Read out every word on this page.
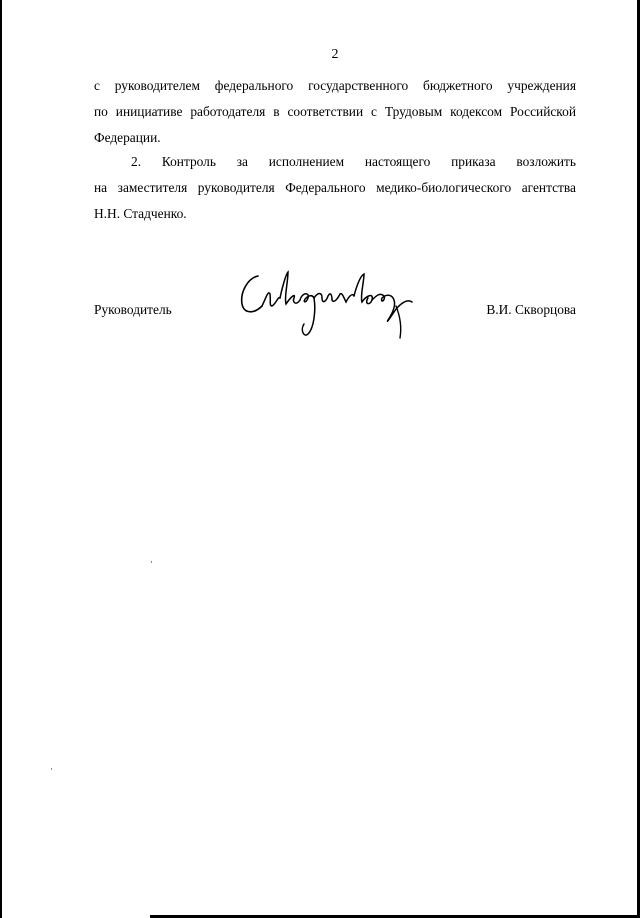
2
с руководителем федерального государственного бюджетного учреждения
по инициативе работодателя в соответствии с Трудовым кодексом Российской
Федерации.
2. Контроль за исполнением настоящего приказа возложить
на заместителя руководителя Федерального медико-биологического агентства
Н.Н. Стадченко.
Руководитель	В.И. Скворцова
